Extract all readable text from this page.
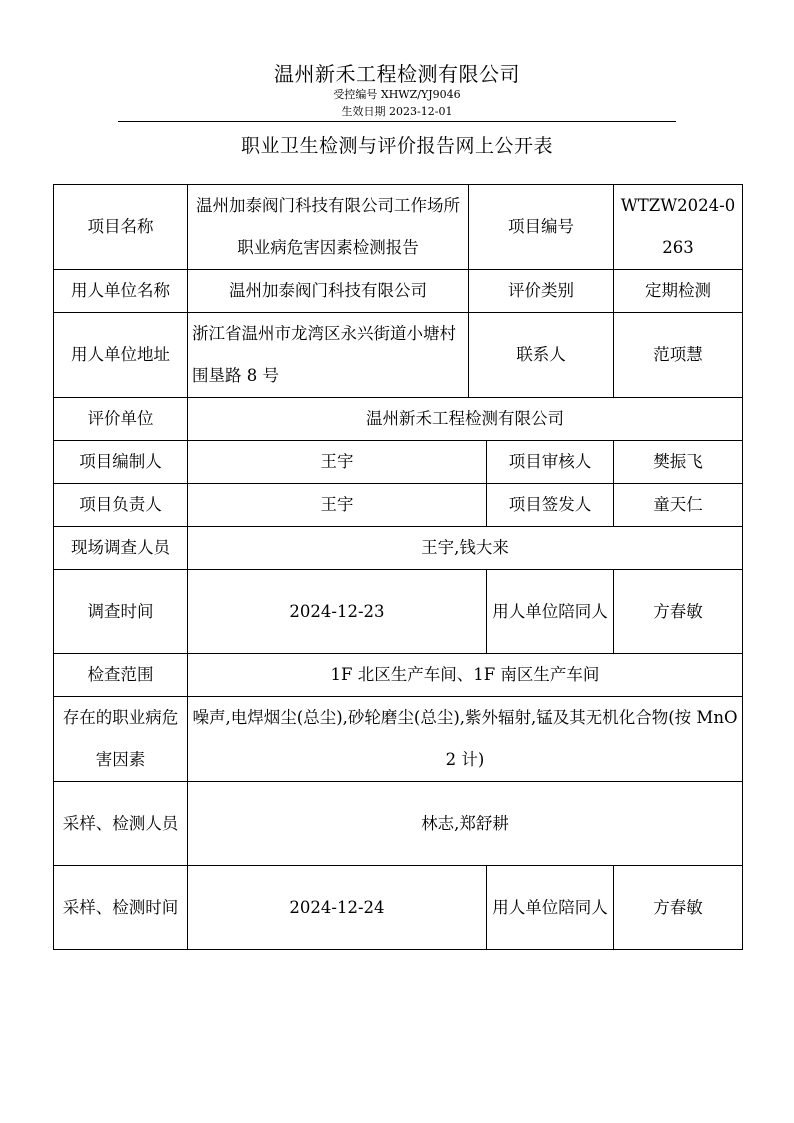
温州新禾工程检测有限公司
受控编号 XHWZ/YJ9046
生效日期 2023-12-01
职业卫生检测与评价报告网上公开表
项目名称	温州加泰阀门科技有限公司工作场所职业病危害因素检测报告	项目编号		WTZW2024-0263
用人单位名称	温州加泰阀门科技有限公司	评价类别		定期检测
用人单位地址	浙江省温州市龙湾区永兴街道小塘村围垦路 8 号	联系人		范项慧
评价单位	温州新禾工程检测有限公司			
项目编制人	王宇		项目审核人	樊振飞
项目负责人	王宇		项目签发人	童天仁
现场调查人员	王宇,钱大来			
调查时间	2024-12-23		用人单位陪同人	方春敏
检查范围	1F 北区生产车间、1F 南区生产车间			
存在的职业病危害因素	噪声,电焊烟尘(总尘),砂轮磨尘(总尘),紫外辐射,锰及其无机化合物(按 MnO2 计)			
采样、检测人员	林志,郑舒耕			
采样、检测时间	2024-12-24		用人单位陪同人	方春敏
